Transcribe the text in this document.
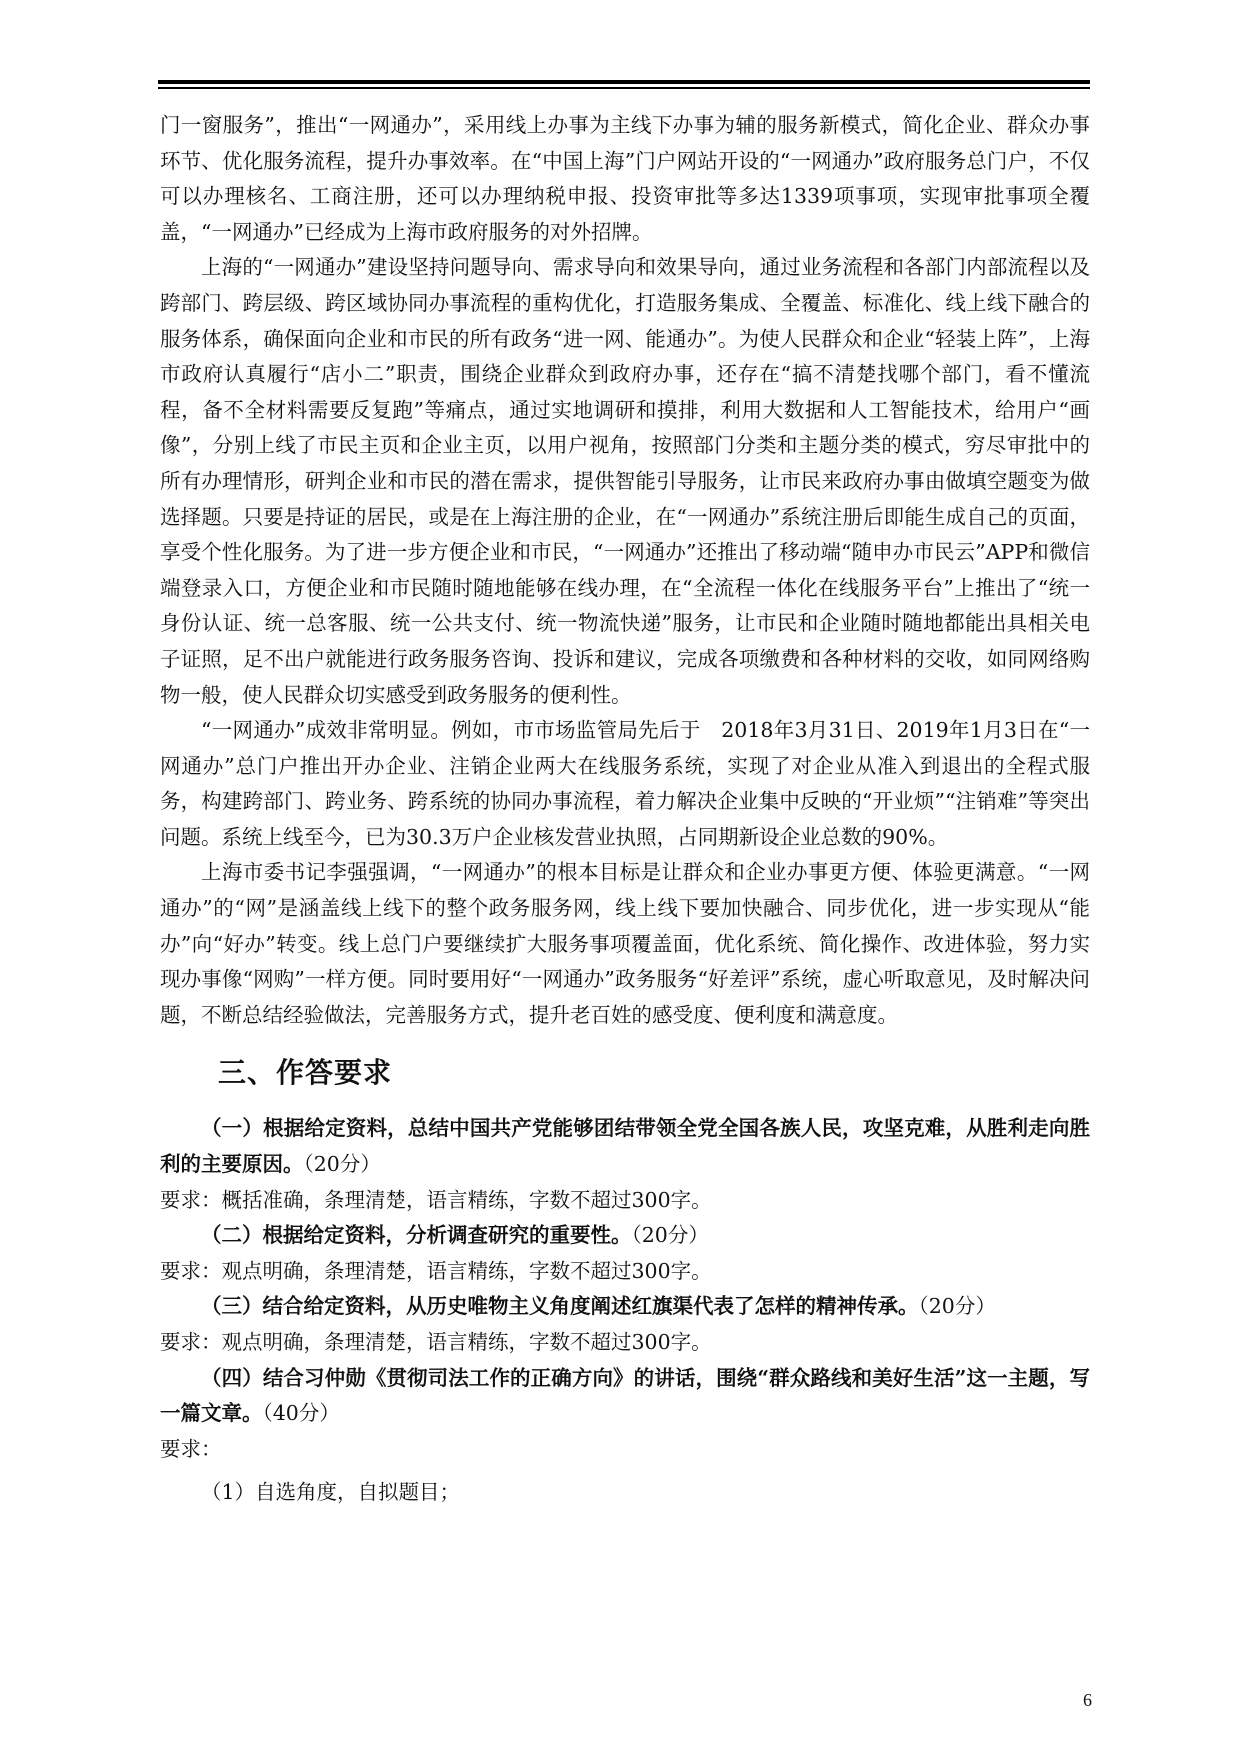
门一窗服务”，推出“一网通办”，采用线上办事为主线下办事为辅的服务新模式，简化企业、群众办事环节、优化服务流程，提升办事效率。在“中国上海”门户网站开设的“一网通办”政府服务总门户，不仅可以办理核名、工商注册，还可以办理纳税申报、投资审批等多达1339项事项，实现审批事项全覆盖，“一网通办”已经成为上海市政府服务的对外招牌。

上海的“一网通办”建设坚持问题导向、需求导向和效果导向，通过业务流程和各部门内部流程以及跨部门、跨层级、跨区域协同办事流程的重构优化，打造服务集成、全覆盖、标准化、线上线下融合的服务体系，确保面向企业和市民的所有政务“进一网、能通办”。为使人民群众和企业“轻装上阵”，上海市政府认真履行“店小二”职责，围绕企业群众到政府办事，还存在“搞不清楚找哪个部门，看不懂流程，备不全材料需要反复跑”等痛点，通过实地调研和摸排，利用大数据和人工智能技术，给用户“画像”，分别上线了市民主页和企业主页，以用户视角，按照部门分类和主题分类的模式，穷尽审批中的所有办理情形，研判企业和市民的潜在需求，提供智能引导服务，让市民来政府办事由做填空题变为做选择题。只要是持证的居民，或是在上海注册的企业，在“一网通办”系统注册后即能生成自己的页面，享受个性化服务。为了进一步方便企业和市民，“一网通办”还推出了移动端“随申办市民云”APP和微信端登录入口，方便企业和市民随时随地能够在线办理，在“全流程一体化在线服务平台”上推出了“统一身份认证、统一总客服、统一公共支付、统一物流快递”服务，让市民和企业随时随地都能出具相关电子证照，足不出户就能进行政务服务咨询、投诉和建议，完成各项缴费和各种材料的交收，如同网络购物一般，使人民群众切实感受到政务服务的便利性。

“一网通办”成效非常明显。例如，市市场监管局先后于　2018年3月31日、2019年1月3日在“一网通办”总门户推出开办企业、注销企业两大在线服务系统，实现了对企业从准入到退出的全程式服务，构建跨部门、跨业务、跨系统的协同办事流程，着力解决企业集中反映的“开业烦”“注销难”等突出问题。系统上线至今，已为30.3万户企业核发营业执照，占同期新设企业总数的90%。

上海市委书记李强强调，“一网通办”的根本目标是让群众和企业办事更方便、体验更满意。“一网通办”的“网”是涵盖线上线下的整个政务服务网，线上线下要加快融合、同步优化，进一步实现从“能办”向“好办”转变。线上总门户要继续扩大服务事项覆盖面，优化系统、简化操作、改进体验，努力实现办事像“网购”一样方便。同时要用好“一网通办”政务服务“好差评”系统，虚心听取意见，及时解决问题，不断总结经验做法，完善服务方式，提升老百姓的感受度、便利度和满意度。

三、作答要求

（一）根据给定资料，总结中国共产党能够团结带领全党全国各族人民，攻坚克难，从胜利走向胜利的主要原因。（20分）

要求：概括准确，条理清楚，语言精练，字数不超过300字。

（二）根据给定资料，分析调查研究的重要性。（20分）

要求：观点明确，条理清楚，语言精练，字数不超过300字。

（三）结合给定资料，从历史唯物主义角度阐述红旗渠代表了怎样的精神传承。（20分）

要求：观点明确，条理清楚，语言精练，字数不超过300字。

（四）结合习仲勋《贯彻司法工作的正确方向》的讲话，围绕“群众路线和美好生活”这一主题，写一篇文章。（40分）

要求：

（1）自选角度，自拟题目；

6
